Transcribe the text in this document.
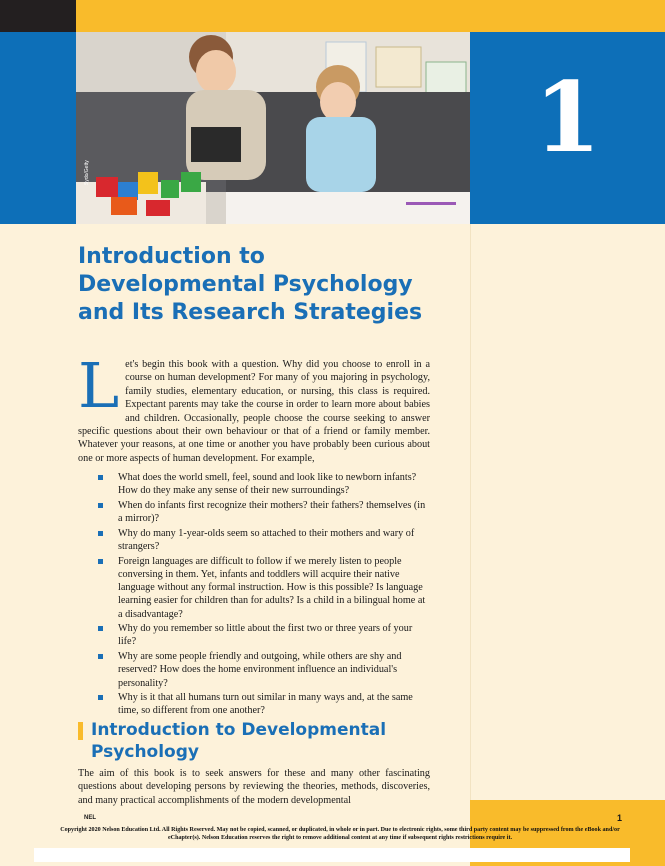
Sydo/Getty	1
Introduction to
Developmental Psychology
and Its Research Strategies
Let's begin this book with a question. Why did you choose to enroll in a course on human development? For many of you majoring in psychology, family studies, elementary education, or nursing, this class is required. Expectant parents may take the course in order to learn more about babies and children. Occasionally, people choose the course seeking to answer specific questions about their own behaviour or that of a friend or family member. Whatever your reasons, at one time or another you have probably been curious about one or more aspects of human development. For example,
What does the world smell, feel, sound and look like to newborn infants? How do they make any sense of their new surroundings?
When do infants first recognize their mothers? their fathers? themselves (in a mirror)?
Why do many 1-year-olds seem so attached to their mothers and wary of strangers?
Foreign languages are difficult to follow if we merely listen to people conversing in them. Yet, infants and toddlers will acquire their native language without any formal instruction. How is this possible? Is language learning easier for children than for adults? Is a child in a bilingual home at a disadvantage?
Why do you remember so little about the first two or three years of your life?
Why are some people friendly and outgoing, while others are shy and reserved? How does the home environment influence an individual's personality?
Why is it that all humans turn out similar in many ways and, at the same time, so different from one another?
Introduction to Developmental Psychology

The aim of this book is to seek answers for these and many other fascinating questions about developing persons by reviewing the theories, methods, discoveries, and many practical accomplishments of the modern developmental

NEL	1
Copyright 2020 Nelson Education Ltd. All Rights Reserved. May not be copied, scanned, or duplicated, in whole or in part. Due to electronic rights, some third party content may be suppressed from the eBook and/or eChapter(s). Nelson Education reserves the right to remove additional content at any time if subsequent rights restrictions require it.
